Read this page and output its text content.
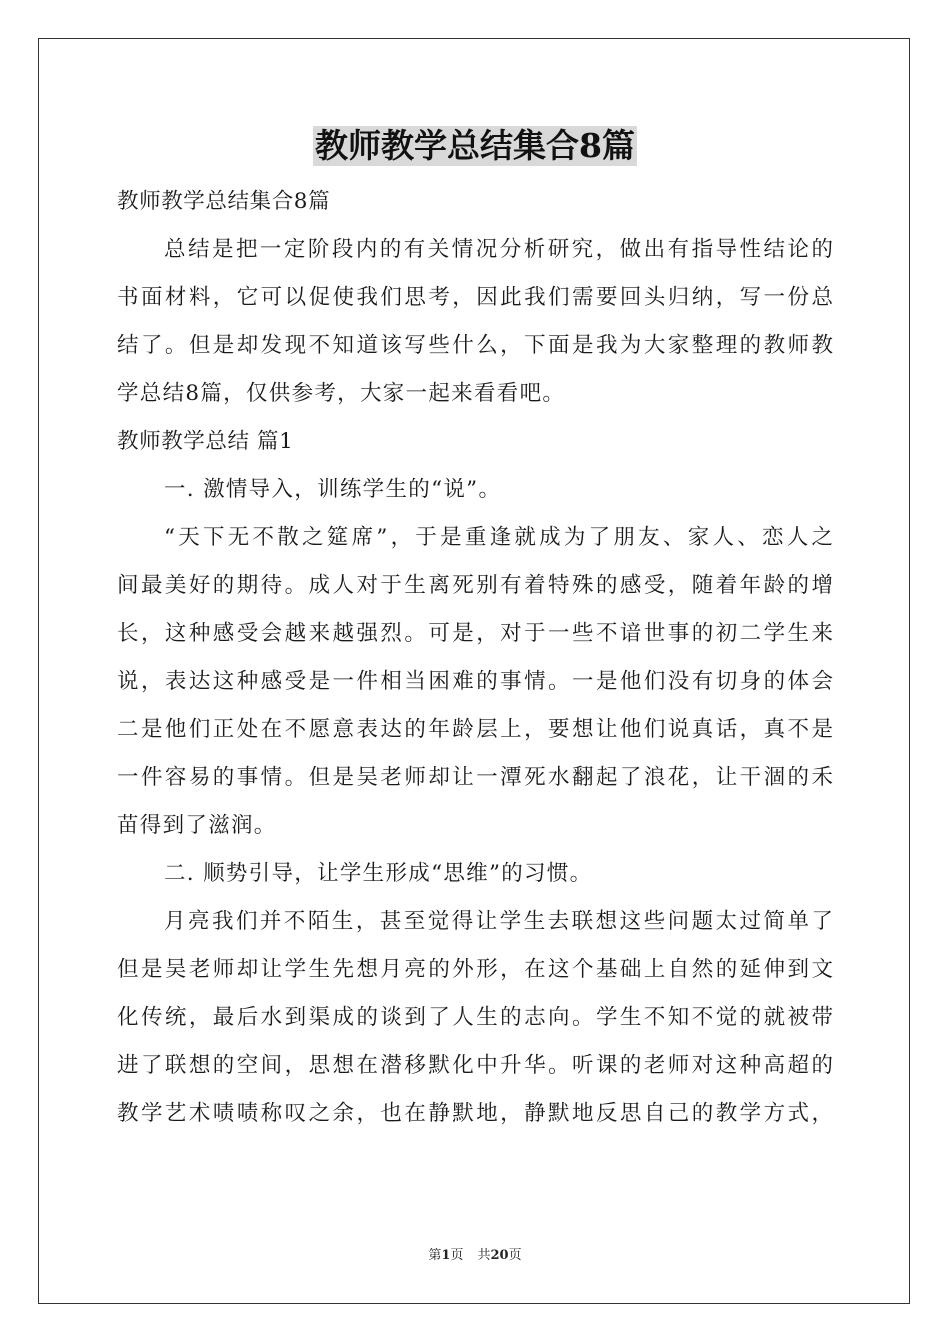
教师教学总结集合8篇
教师教学总结集合8篇
总结是把一定阶段内的有关情况分析研究，做出有指导性结论的
书面材料，它可以促使我们思考，因此我们需要回头归纳，写一份总
结了。但是却发现不知道该写些什么，下面是我为大家整理的教师教
学总结8篇，仅供参考，大家一起来看看吧。
教师教学总结 篇1
一. 激情导入，训练学生的“说”。
“天下无不散之筵席”，于是重逢就成为了朋友、家人、恋人之
间最美好的期待。成人对于生离死别有着特殊的感受，随着年龄的增
长，这种感受会越来越强烈。可是，对于一些不谙世事的初二学生来
说，表达这种感受是一件相当困难的事情。一是他们没有切身的体会
二是他们正处在不愿意表达的年龄层上，要想让他们说真话，真不是
一件容易的事情。但是吴老师却让一潭死水翻起了浪花，让干涸的禾
苗得到了滋润。
二. 顺势引导，让学生形成“思维”的习惯。
月亮我们并不陌生，甚至觉得让学生去联想这些问题太过简单了
但是吴老师却让学生先想月亮的外形，在这个基础上自然的延伸到文
化传统，最后水到渠成的谈到了人生的志向。学生不知不觉的就被带
进了联想的空间，思想在潜移默化中升华。听课的老师对这种高超的
教学艺术啧啧称叹之余，也在静默地，静默地反思自己的教学方式，
第1页 共20页
